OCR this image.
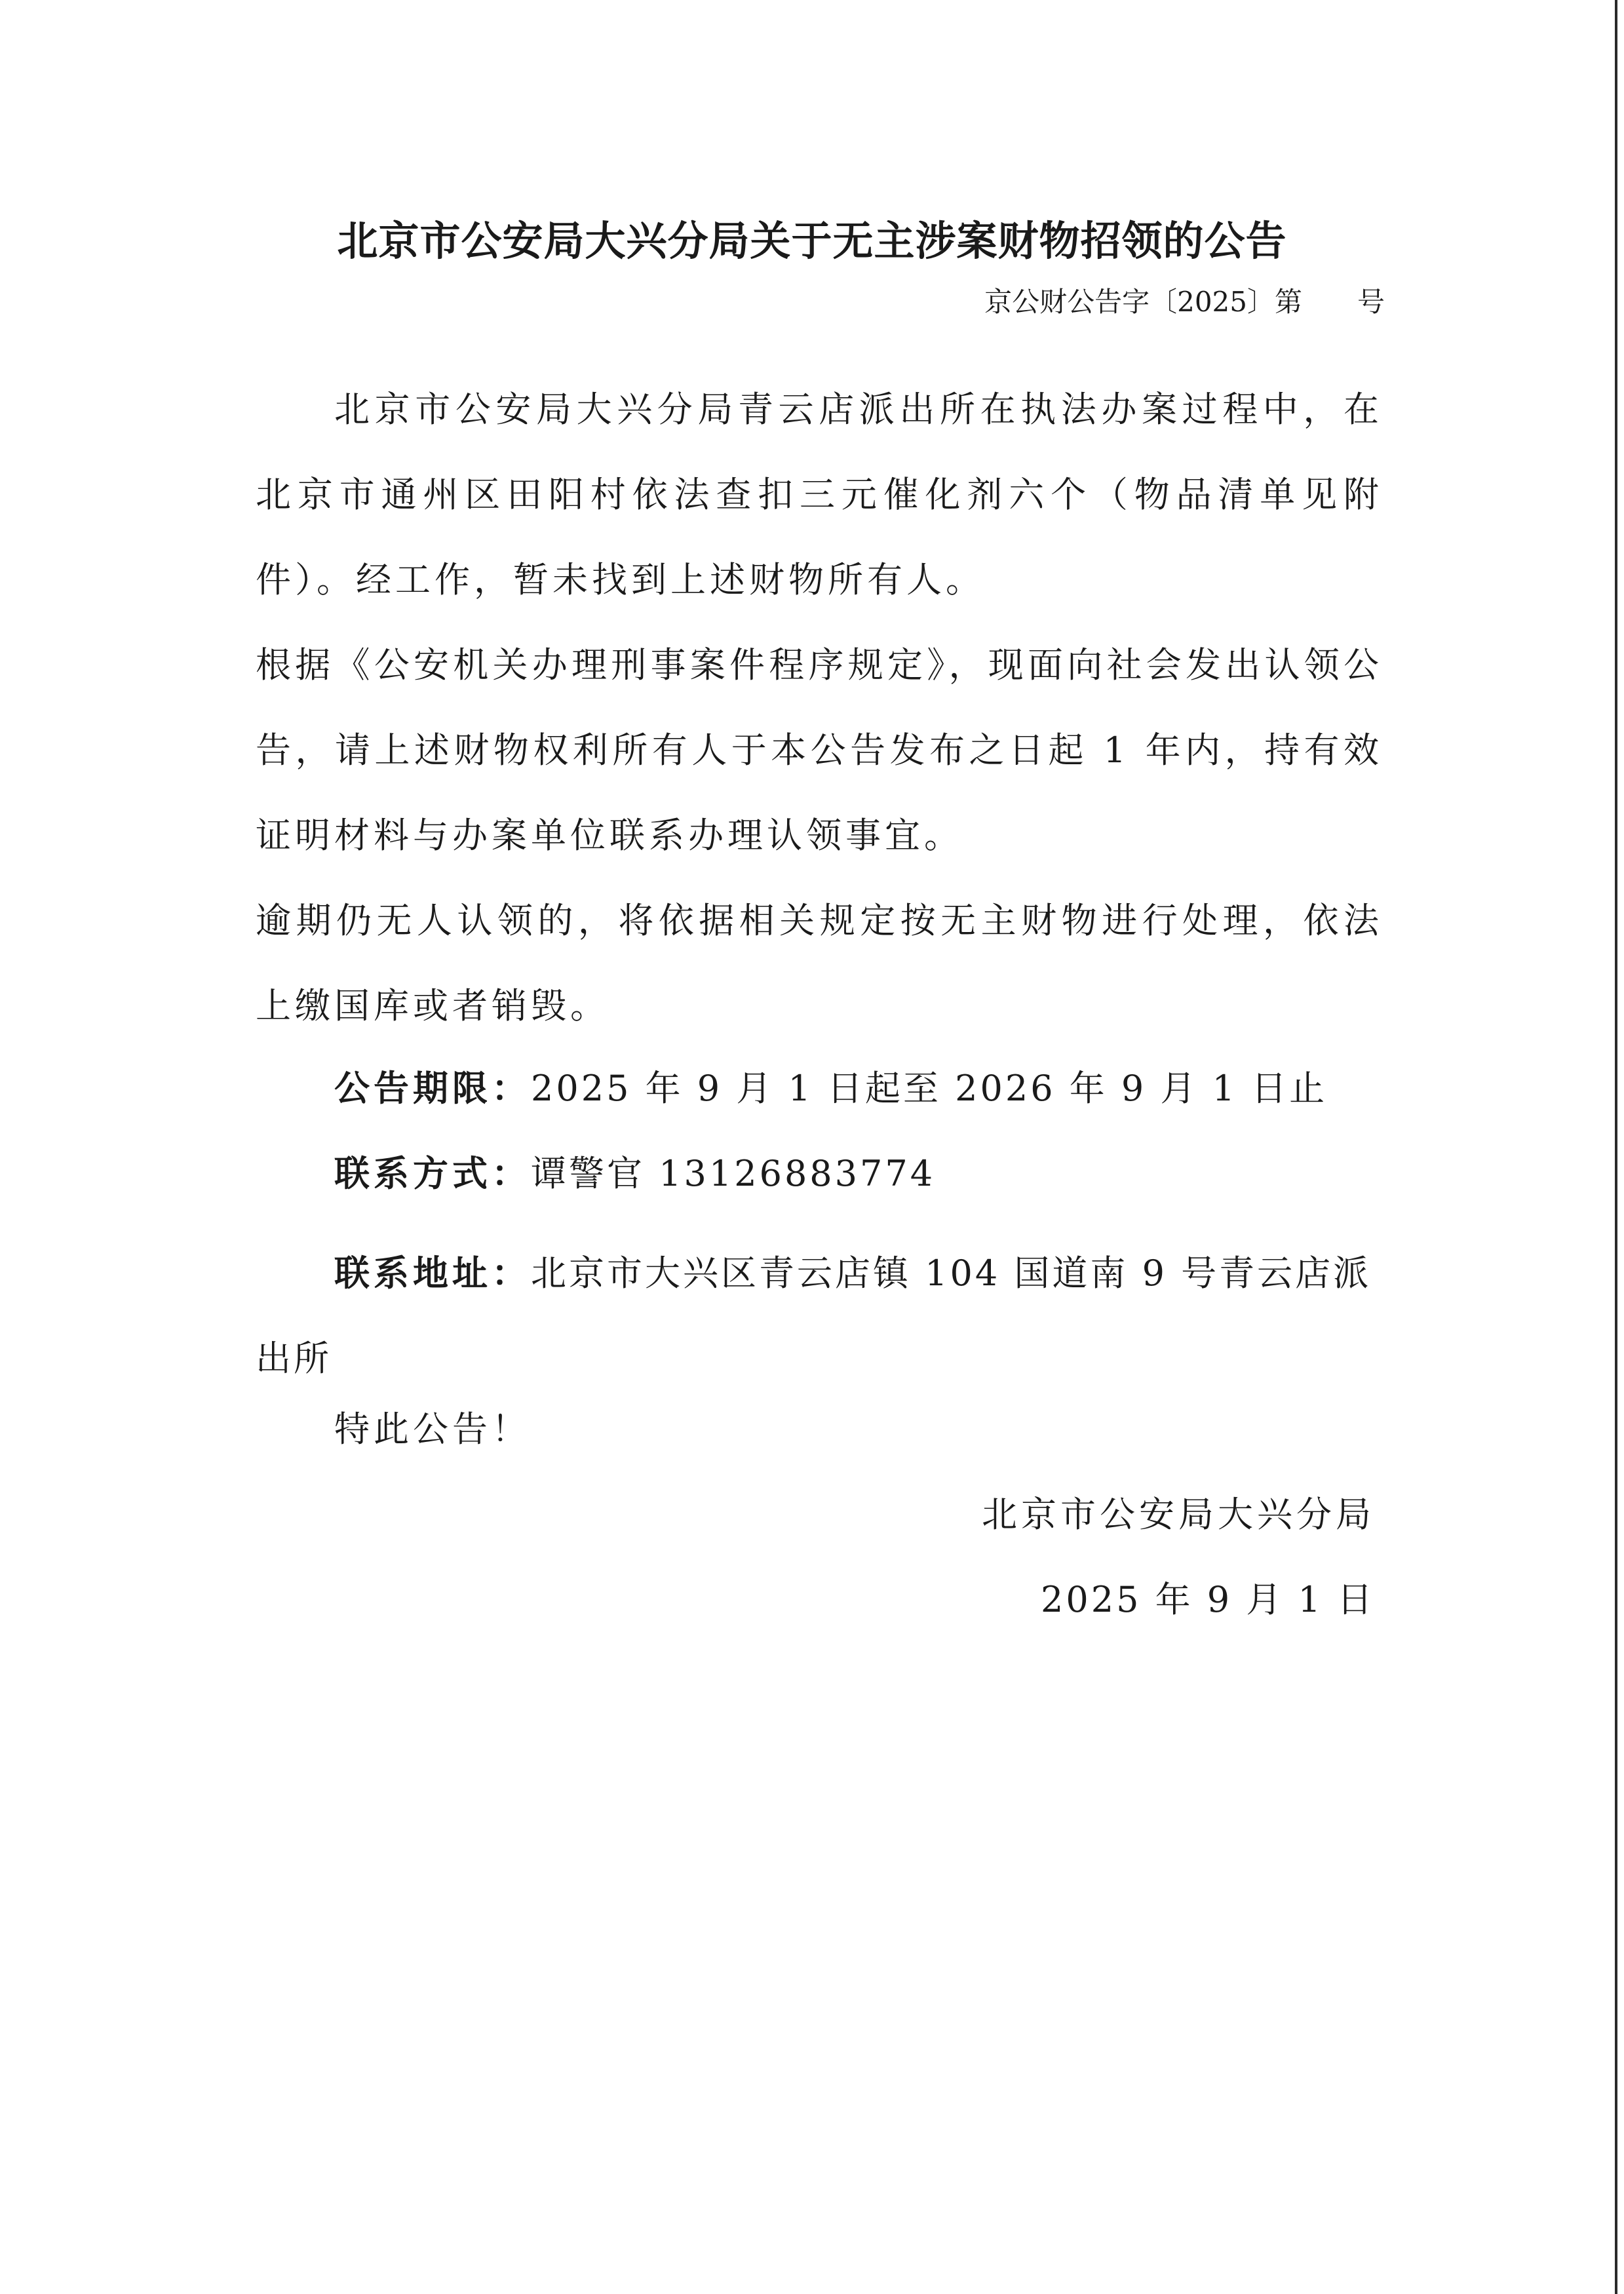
北京市公安局大兴分局关于无主涉案财物招领的公告
京公财公告字〔2025〕第　　号

北京市公安局大兴分局青云店派出所在执法办案过程中，在北京市通州区田阳村依法查扣三元催化剂六个（物品清单见附件）。经工作，暂未找到上述财物所有人。

根据《公安机关办理刑事案件程序规定》，现面向社会发出认领公告，请上述财物权利所有人于本公告发布之日起 1 年内，持有效证明材料与办案单位联系办理认领事宜。

逾期仍无人认领的，将依据相关规定按无主财物进行处理，依法上缴国库或者销毁。

公告期限：2025 年 9 月 1 日起至 2026 年 9 月 1 日止
联系方式：谭警官 13126883774
联系地址：北京市大兴区青云店镇 104 国道南 9 号青云店派出所
特此公告！
北京市公安局大兴分局
2025 年 9 月 1 日
